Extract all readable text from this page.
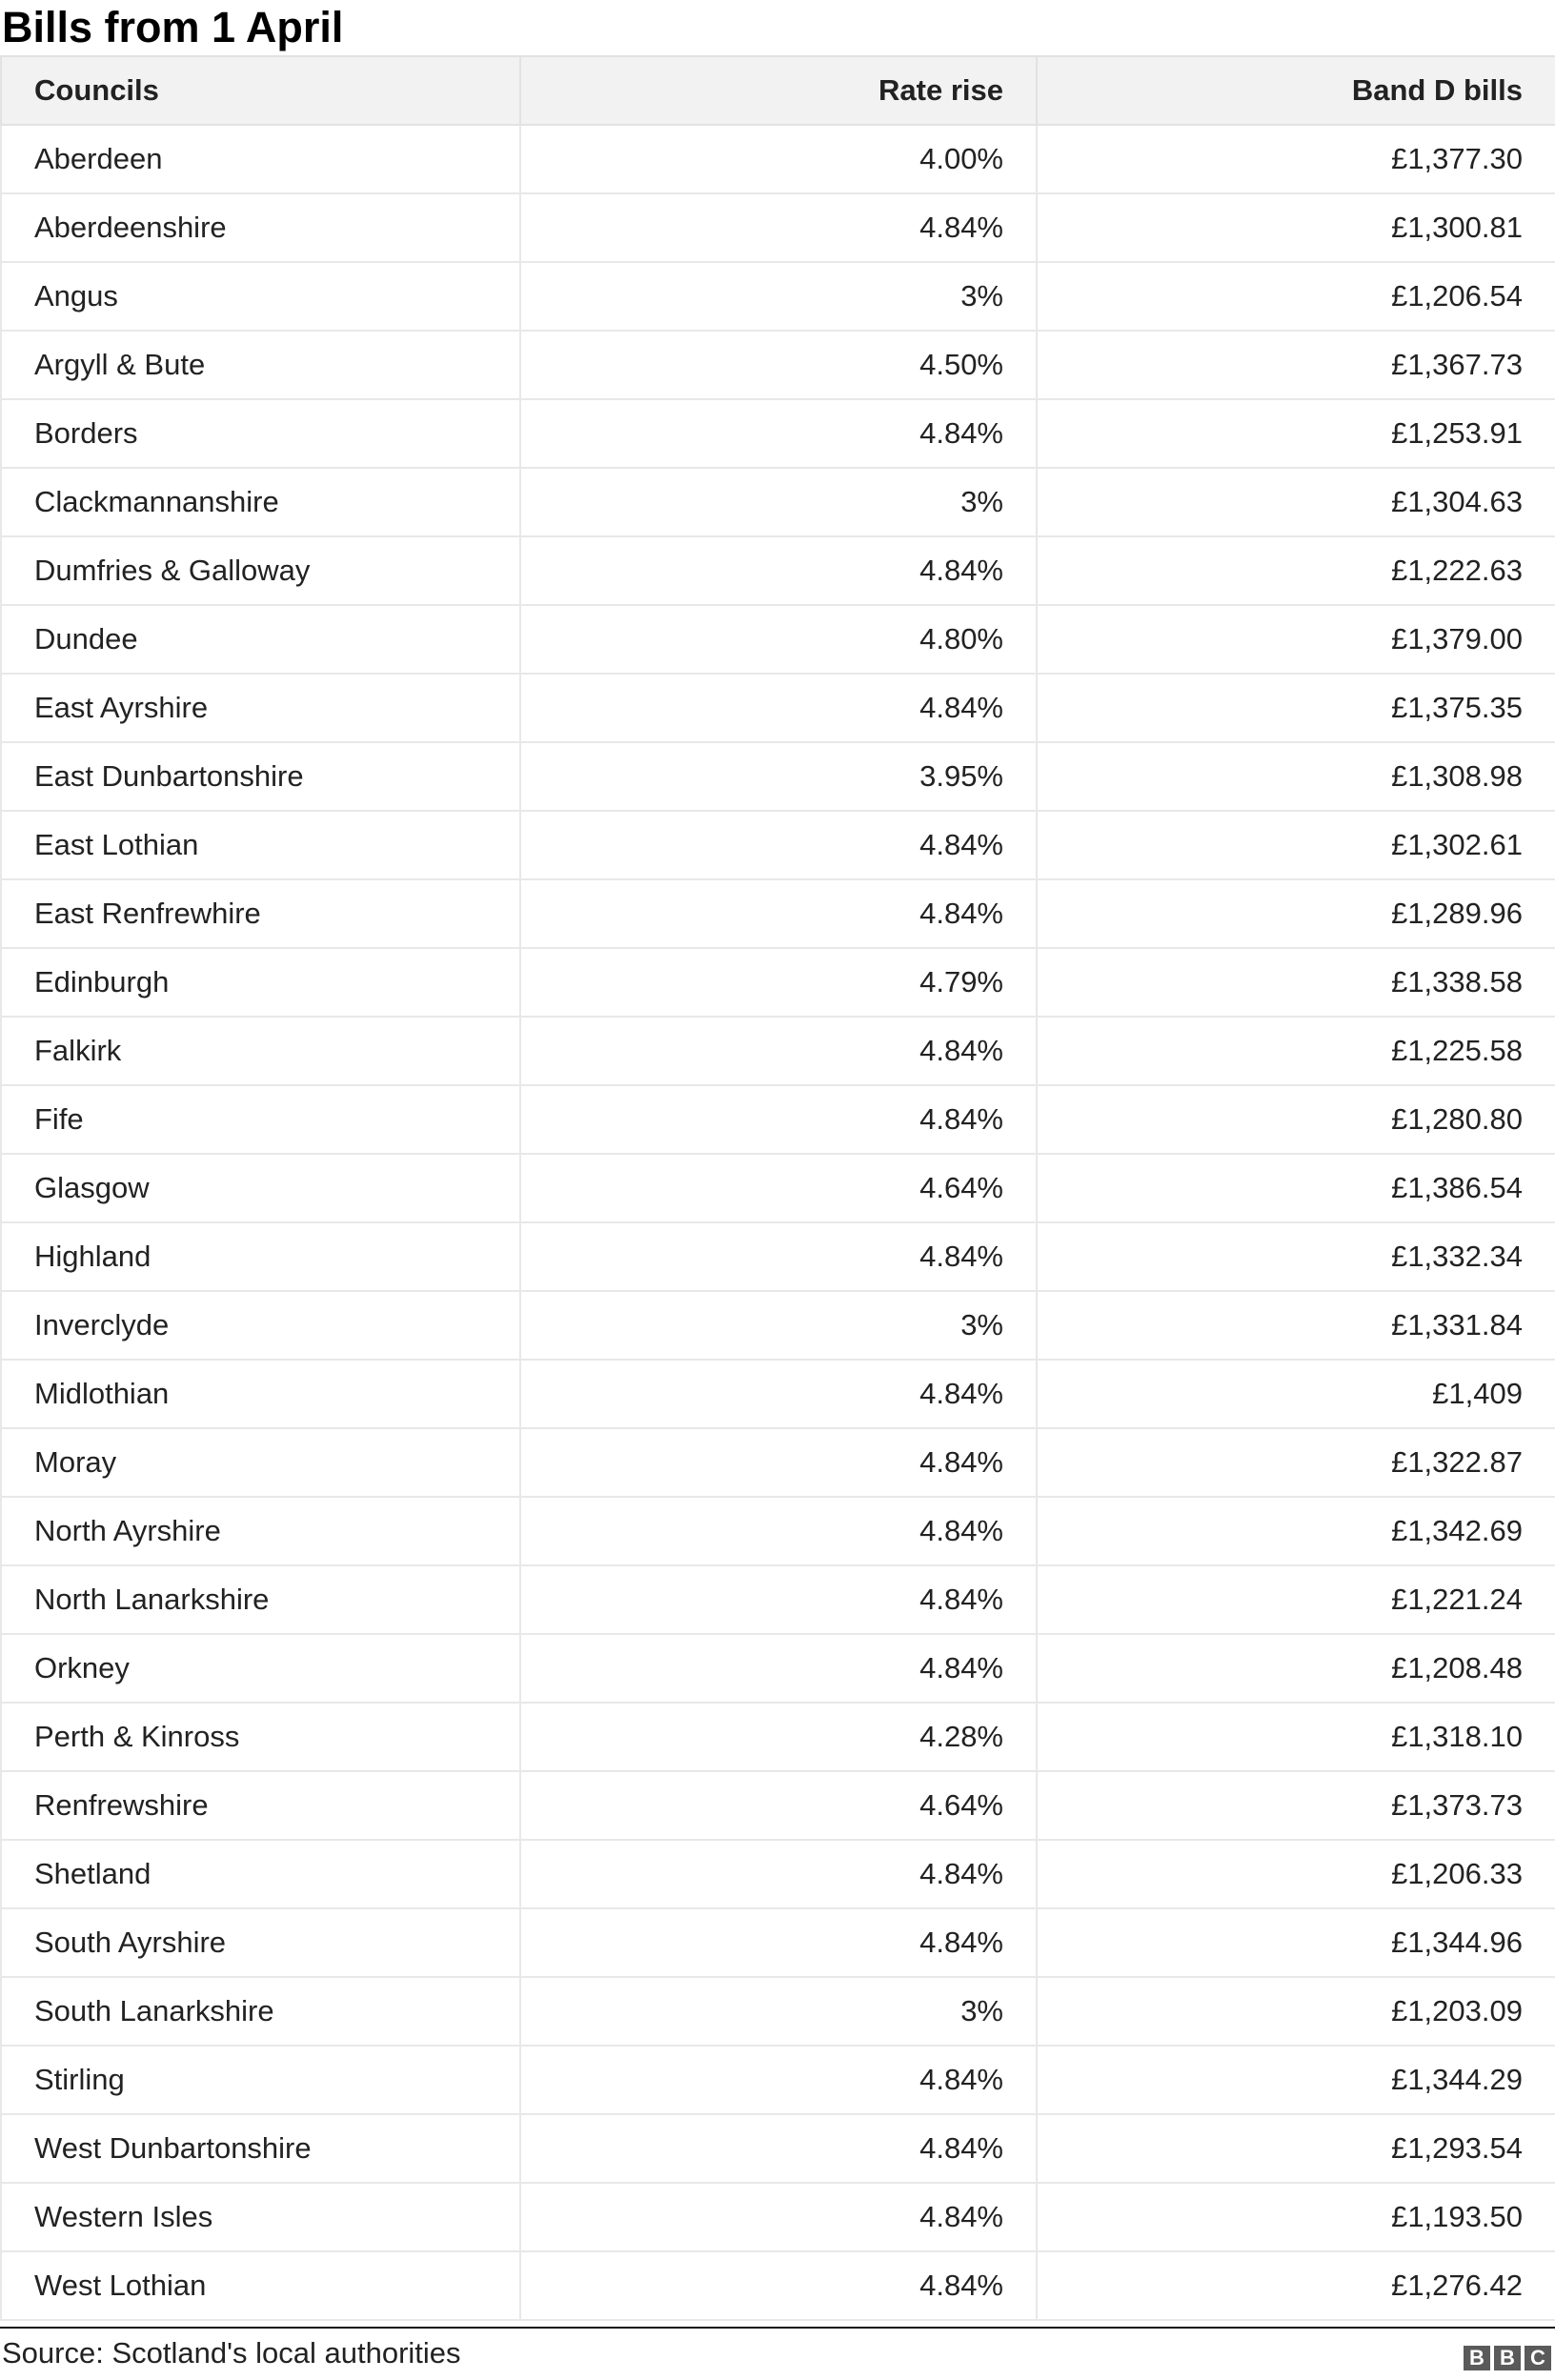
Bills from 1 April
Councils	Rate rise	Band D bills
Aberdeen	4.00%	£1,377.30
Aberdeenshire	4.84%	£1,300.81
Angus	3%	£1,206.54
Argyll & Bute	4.50%	£1,367.73
Borders	4.84%	£1,253.91
Clackmannanshire	3%	£1,304.63
Dumfries & Galloway	4.84%	£1,222.63
Dundee	4.80%	£1,379.00
East Ayrshire	4.84%	£1,375.35
East Dunbartonshire	3.95%	£1,308.98
East Lothian	4.84%	£1,302.61
East Renfrewhire	4.84%	£1,289.96
Edinburgh	4.79%	£1,338.58
Falkirk	4.84%	£1,225.58
Fife	4.84%	£1,280.80
Glasgow	4.64%	£1,386.54
Highland	4.84%	£1,332.34
Inverclyde	3%	£1,331.84
Midlothian	4.84%	£1,409
Moray	4.84%	£1,322.87
North Ayrshire	4.84%	£1,342.69
North Lanarkshire	4.84%	£1,221.24
Orkney	4.84%	£1,208.48
Perth & Kinross	4.28%	£1,318.10
Renfrewshire	4.64%	£1,373.73
Shetland	4.84%	£1,206.33
South Ayrshire	4.84%	£1,344.96
South Lanarkshire	3%	£1,203.09
Stirling	4.84%	£1,344.29
West Dunbartonshire	4.84%	£1,293.54
Western Isles	4.84%	£1,193.50
West Lothian	4.84%	£1,276.42
Source: Scotland's local authorities	B B C
